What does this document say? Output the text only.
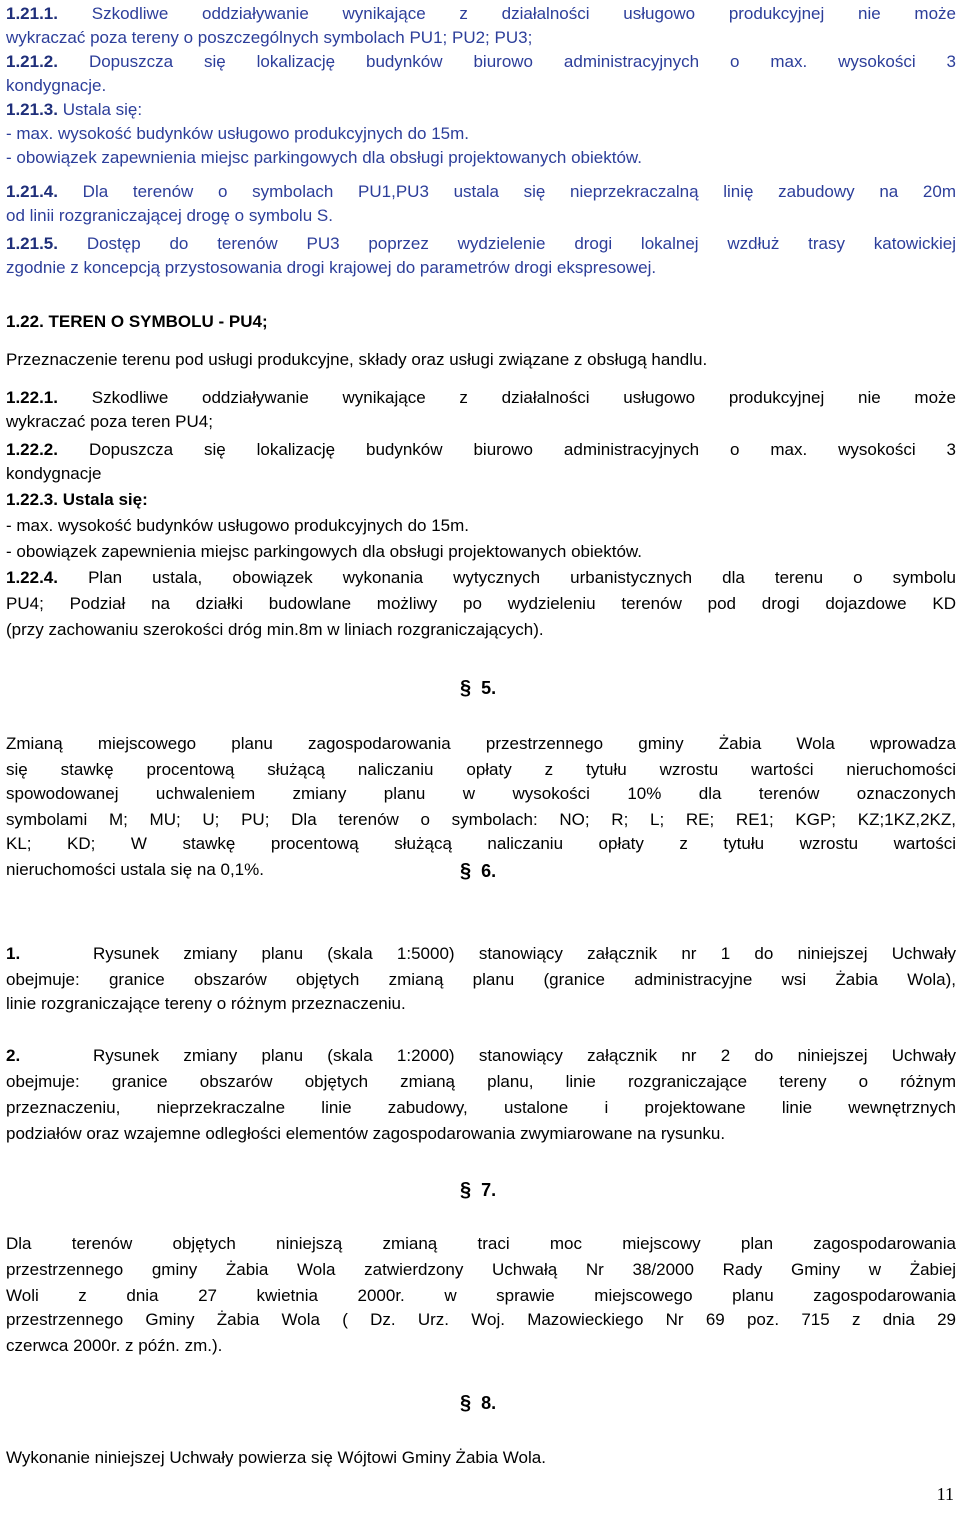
1.21.1. Szkodliwe oddziaływanie wynikające z działalności usługowo produkcyjnej nie może
wykraczać poza tereny o poszczególnych symbolach PU1; PU2; PU3;
1.21.2. Dopuszcza się lokalizację budynków biurowo administracyjnych o max. wysokości 3
kondygnacje.
1.21.3. Ustala się:
- max. wysokość budynków usługowo produkcyjnych do 15m.
- obowiązek zapewnienia miejsc parkingowych dla obsługi projektowanych obiektów.
1.21.4. Dla terenów o symbolach PU1,PU3 ustala się nieprzekraczalną linię zabudowy na 20m
od linii rozgraniczającej drogę o symbolu S.
1.21.5. Dostęp do terenów PU3 poprzez wydzielenie drogi lokalnej wzdłuż trasy katowickiej
zgodnie z koncepcją przystosowania drogi krajowej do parametrów drogi ekspresowej.
1.22. TEREN O SYMBOLU - PU4;
Przeznaczenie terenu pod usługi produkcyjne, składy oraz usługi związane z obsługą handlu.
1.22.1. Szkodliwe oddziaływanie wynikające z działalności usługowo produkcyjnej nie może
wykraczać poza teren PU4;
1.22.2. Dopuszcza się lokalizację budynków biurowo administracyjnych o max. wysokości 3
kondygnacje
1.22.3. Ustala się:
- max. wysokość budynków usługowo produkcyjnych do 15m.
- obowiązek zapewnienia miejsc parkingowych dla obsługi projektowanych obiektów.
1.22.4. Plan ustala, obowiązek wykonania wytycznych urbanistycznych dla terenu o symbolu
PU4; Podział na działki budowlane możliwy po wydzieleniu terenów pod drogi dojazdowe KD
(przy zachowaniu szerokości dróg min.8m w liniach rozgraniczających).
§ 5.
Zmianą miejscowego planu zagospodarowania przestrzennego gminy Żabia Wola wprowadza
się stawkę procentową służącą naliczaniu opłaty z tytułu wzrostu wartości nieruchomości
spowodowanej uchwaleniem zmiany planu w wysokości 10% dla terenów oznaczonych
symbolami M; MU; U; PU; Dla terenów o symbolach: NO; R; L; RE; RE1; KGP; KZ;1KZ,2KZ,
KL; KD; W stawkę procentową służącą naliczaniu opłaty z tytułu wzrostu wartości
nieruchomości ustala się na 0,1%.	§ 6.
1.	Rysunek zmiany planu (skala 1:5000) stanowiący załącznik nr 1 do niniejszej Uchwały
obejmuje: granice obszarów objętych zmianą planu (granice administracyjne wsi Żabia Wola),
linie rozgraniczające tereny o różnym przeznaczeniu.
2.	Rysunek zmiany planu (skala 1:2000) stanowiący załącznik nr 2 do niniejszej Uchwały
obejmuje: granice obszarów objętych zmianą planu, linie rozgraniczające tereny o różnym
przeznaczeniu, nieprzekraczalne linie zabudowy, ustalone i projektowane linie wewnętrznych
podziałów oraz wzajemne odległości elementów zagospodarowania zwymiarowane na rysunku.
§ 7.
Dla terenów objętych niniejszą zmianą traci moc miejscowy plan zagospodarowania
przestrzennego gminy Żabia Wola zatwierdzony Uchwałą Nr 38/2000 Rady Gminy w Żabiej
Woli z dnia 27 kwietnia 2000r. w sprawie miejscowego planu zagospodarowania
przestrzennego Gminy Żabia Wola ( Dz. Urz. Woj. Mazowieckiego Nr 69 poz. 715 z dnia 29
czerwca 2000r. z późn. zm.).
§ 8.
Wykonanie niniejszej Uchwały powierza się Wójtowi Gminy Żabia Wola.
11
